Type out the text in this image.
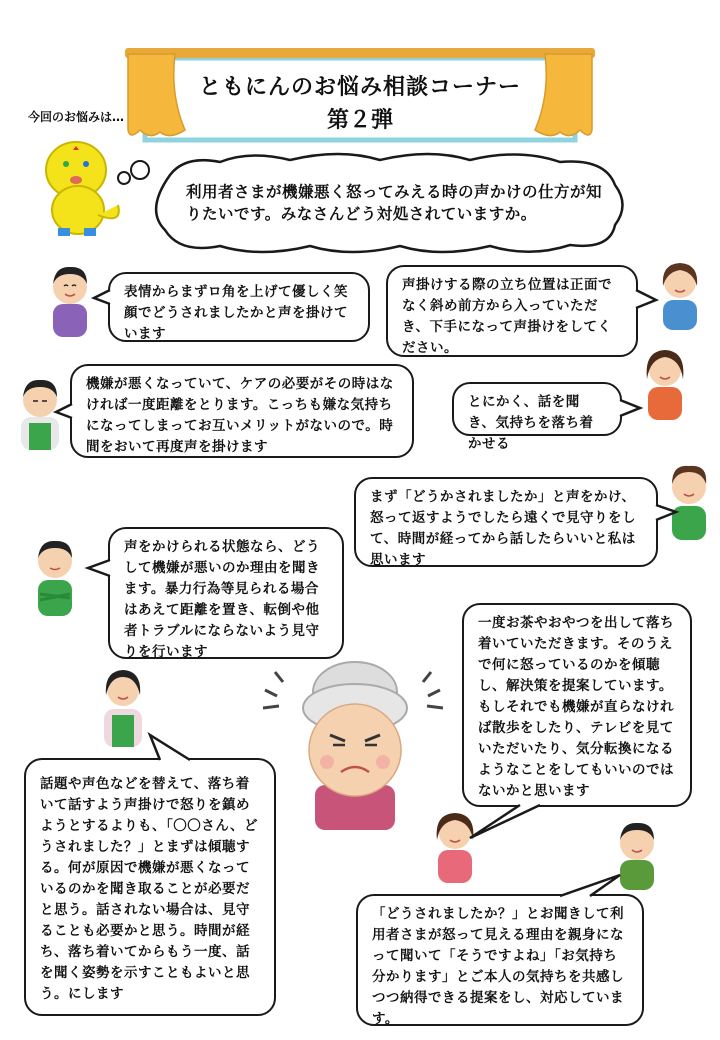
ともにんのお悩み相談コーナー
第２弾
今回のお悩みは…
利用者さまが機嫌悪く怒ってみえる時の声かけの仕方が知りたいです。みなさんどう対処されていますか。
表情からまずロ角を上げて優しく笑顔でどうされましたかと声を掛けています
声掛けする際の立ち位置は正面でなく斜め前方から入っていただき、下手になって声掛けをしてください。
機嫌が悪くなっていて、ケアの必要がその時はなければ一度距離をとります。こっちも嫌な気持ちになってしまってお互いメリットがないので。時間をおいて再度声を掛けます
とにかく、話を聞き、気持ちを落ち着かせる
まず「どうかされましたか」と声をかけ、怒って返すようでしたら遠くで見守りをして、時間が経ってから話したらいいと私は思います
声をかけられる状態なら、どうして機嫌が悪いのか理由を聞きます。暴力行為等見られる場合はあえて距離を置き、転倒や他者トラブルにならないよう見守りを行います
一度お茶やおやつを出して落ち着いていただきます。そのうえで何に怒っているのかを傾聴し、解決策を提案しています。もしそれでも機嫌が直らなければ散歩をしたり、テレビを見ていただいたり、気分転換になるようなことをしてもいいのではないかと思います
話題や声色などを替えて、落ち着いて話すよう声掛けで怒りを鎮めようとするよりも、「〇〇さん、どうされました？」とまずは傾聴する。何が原因で機嫌が悪くなっているのかを聞き取ることが必要だと思う。話されない場合は、見守ることも必要かと思う。時間が経ち、落ち着いてからもう一度、話を聞く姿勢を示すこともよいと思う。にします
「どうされましたか？」とお聞きして利用者さまが怒って見える理由を親身になって聞いて「そうですよね」「お気持ち分かります」とご本人の気持ちを共感しつつ納得できる提案をし、対応しています。
